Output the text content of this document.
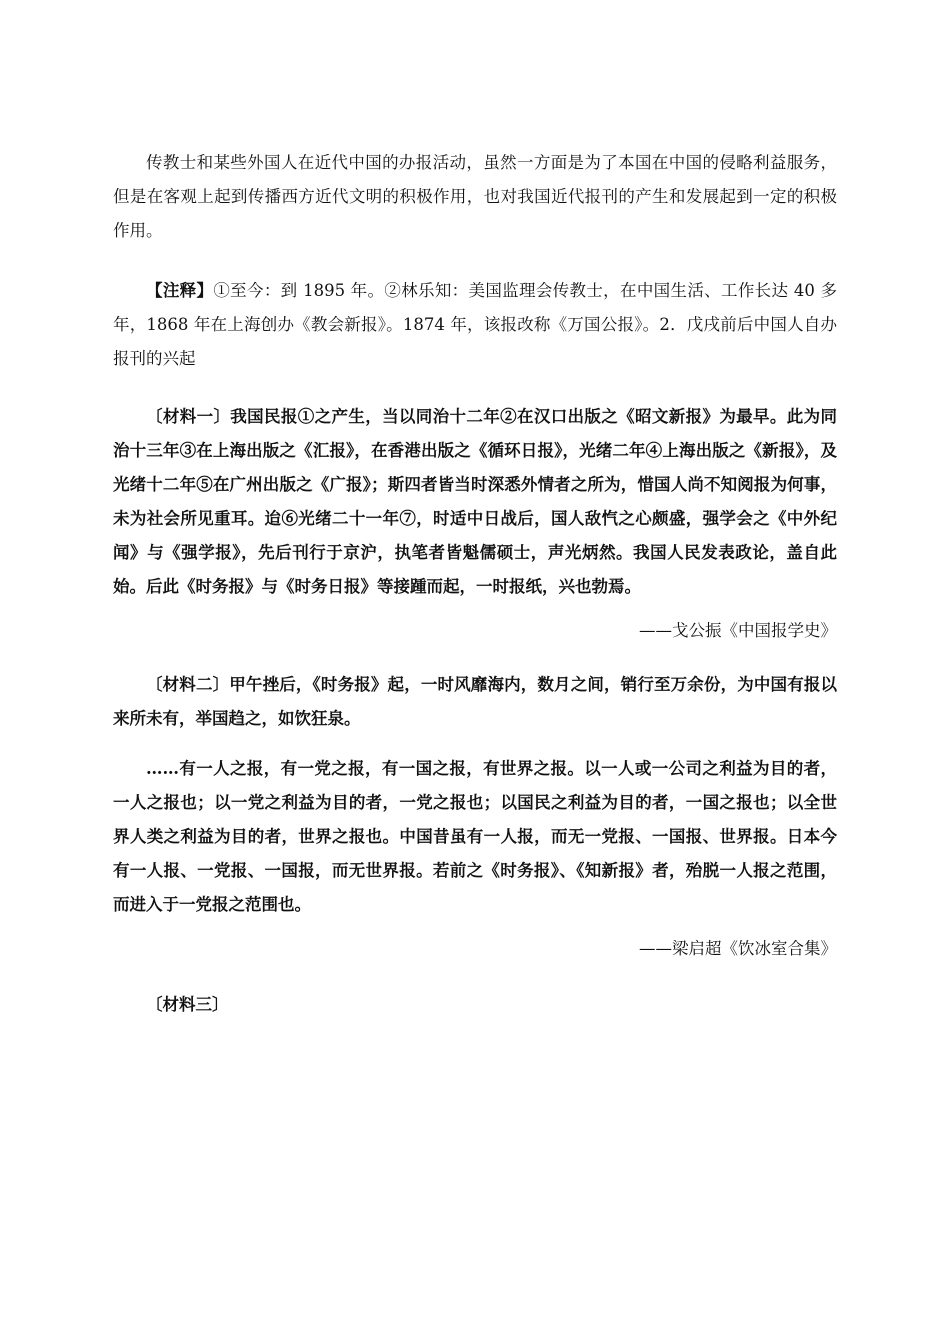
传教士和某些外国人在近代中国的办报活动，虽然一方面是为了本国在中国的侵略利益服务，但是在客观上起到传播西方近代文明的积极作用，也对我国近代报刊的产生和发展起到一定的积极作用。

【注释】①至今：到 1895 年。②林乐知：美国监理会传教士，在中国生活、工作长达 40 多年，1868 年在上海创办《教会新报》。1874 年，该报改称《万国公报》。2．戊戌前后中国人自办报刊的兴起

〔材料一〕我国民报①之产生，当以同治十二年②在汉口出版之《昭文新报》为最早。此为同治十三年③在上海出版之《汇报》，在香港出版之《循环日报》，光绪二年④上海出版之《新报》，及光绪十二年⑤在广州出版之《广报》；斯四者皆当时深悉外情者之所为，惜国人尚不知阅报为何事，未为社会所见重耳。迨⑥光绪二十一年⑦，时适中日战后，国人敌忾之心颇盛，强学会之《中外纪闻》与《强学报》，先后刊行于京沪，执笔者皆魁儒硕士，声光炳然。我国人民发表政论，盖自此始。后此《时务报》与《时务日报》等接踵而起，一时报纸，兴也勃焉。

——戈公振《中国报学史》

〔材料二〕甲午挫后，《时务报》起，一时风靡海内，数月之间，销行至万余份，为中国有报以来所未有，举国趋之，如饮狂泉。

……有一人之报，有一党之报，有一国之报，有世界之报。以一人或一公司之利益为目的者，一人之报也；以一党之利益为目的者，一党之报也；以国民之利益为目的者，一国之报也；以全世界人类之利益为目的者，世界之报也。中国昔虽有一人报，而无一党报、一国报、世界报。日本今有一人报、一党报、一国报，而无世界报。若前之《时务报》、《知新报》者，殆脱一人报之范围，而进入于一党报之范围也。

——梁启超《饮冰室合集》

〔材料三〕
